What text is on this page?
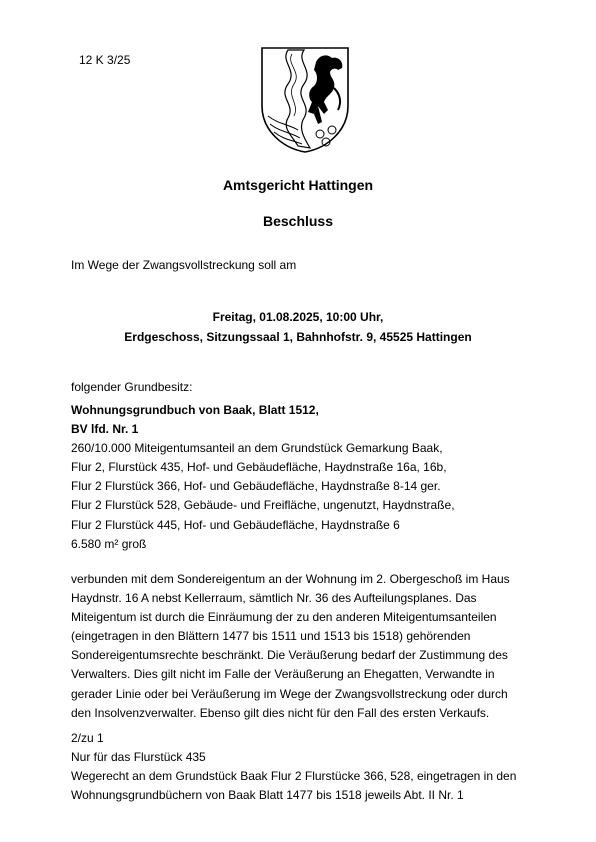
12 K 3/25
Amtsgericht Hattingen
Beschluss
Im Wege der Zwangsvollstreckung soll am
Freitag, 01.08.2025, 10:00 Uhr,
Erdgeschoss, Sitzungssaal 1, Bahnhofstr. 9, 45525 Hattingen
folgender Grundbesitz:
Wohnungsgrundbuch von Baak, Blatt 1512,
BV lfd. Nr. 1
260/10.000 Miteigentumsanteil an dem Grundstück Gemarkung Baak,
Flur 2, Flurstück 435, Hof- und Gebäudefläche, Haydnstraße 16a, 16b,
Flur 2 Flurstück 366, Hof- und Gebäudefläche, Haydnstraße 8-14 ger.
Flur 2 Flurstück 528, Gebäude- und Freifläche, ungenutzt, Haydnstraße,
Flur 2 Flurstück 445, Hof- und Gebäudefläche, Haydnstraße 6
6.580 m² groß
verbunden mit dem Sondereigentum an der Wohnung im 2. Obergeschoß im Haus
Haydnstr. 16 A nebst Kellerraum, sämtlich Nr. 36 des Aufteilungsplanes. Das
Miteigentum ist durch die Einräumung der zu den anderen Miteigentumsanteilen
(eingetragen in den Blättern 1477 bis 1511 und 1513 bis 1518) gehörenden
Sondereigentumsrechte beschränkt. Die Veräußerung bedarf der Zustimmung des
Verwalters. Dies gilt nicht im Falle der Veräußerung an Ehegatten, Verwandte in
gerader Linie oder bei Veräußerung im Wege der Zwangsvollstreckung oder durch
den Insolvenzverwalter. Ebenso gilt dies nicht für den Fall des ersten Verkaufs.
2/zu 1
Nur für das Flurstück 435
Wegerecht an dem Grundstück Baak Flur 2 Flurstücke 366, 528, eingetragen in den
Wohnungsgrundbüchern von Baak Blatt 1477 bis 1518 jeweils Abt. II Nr. 1
